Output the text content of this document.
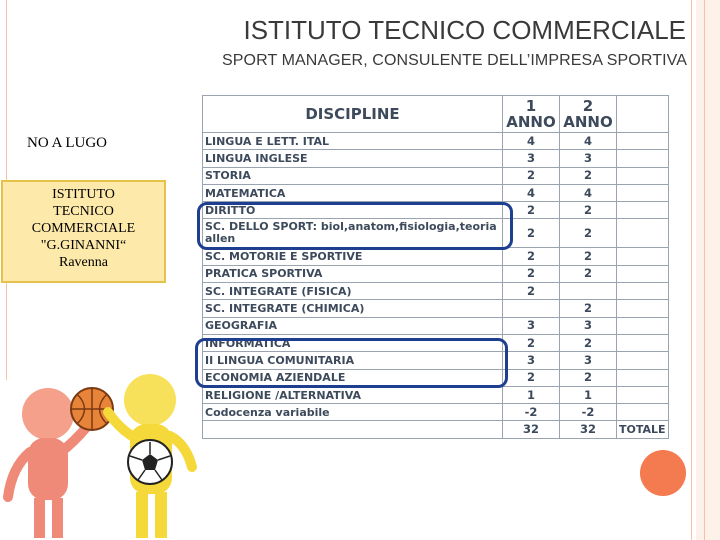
ISTITUTO TECNICO COMMERCIALE
SPORT MANAGER, CONSULENTE DELL’IMPRESA SPORTIVA
NO A LUGO
ISTITUTO
TECNICO
COMMERCIALE
"G.GINANNI“
Ravenna
DISCIPLINE	1 ANNO	2 ANNO	
LINGUA E LETT. ITAL	4	4	
LINGUA INGLESE	3	3	
STORIA	2	2	
MATEMATICA	4	4	
DIRITTO	2	2	
SC. DELLO SPORT: biol,anatom,fisiologia,teoria allen	2	2	
SC. MOTORIE E SPORTIVE	2	2	
PRATICA SPORTIVA	2	2	
SC. INTEGRATE (FISICA)	2		
SC. INTEGRATE (CHIMICA)		2	
GEOGRAFIA	3	3	
INFORMATICA	2	2	
II LINGUA COMUNITARIA	3	3	
ECONOMIA AZIENDALE	2	2	
RELIGIONE /ALTERNATIVA	1	1	
Codocenza variabile	-2	-2	
	32	32	TOTALE
